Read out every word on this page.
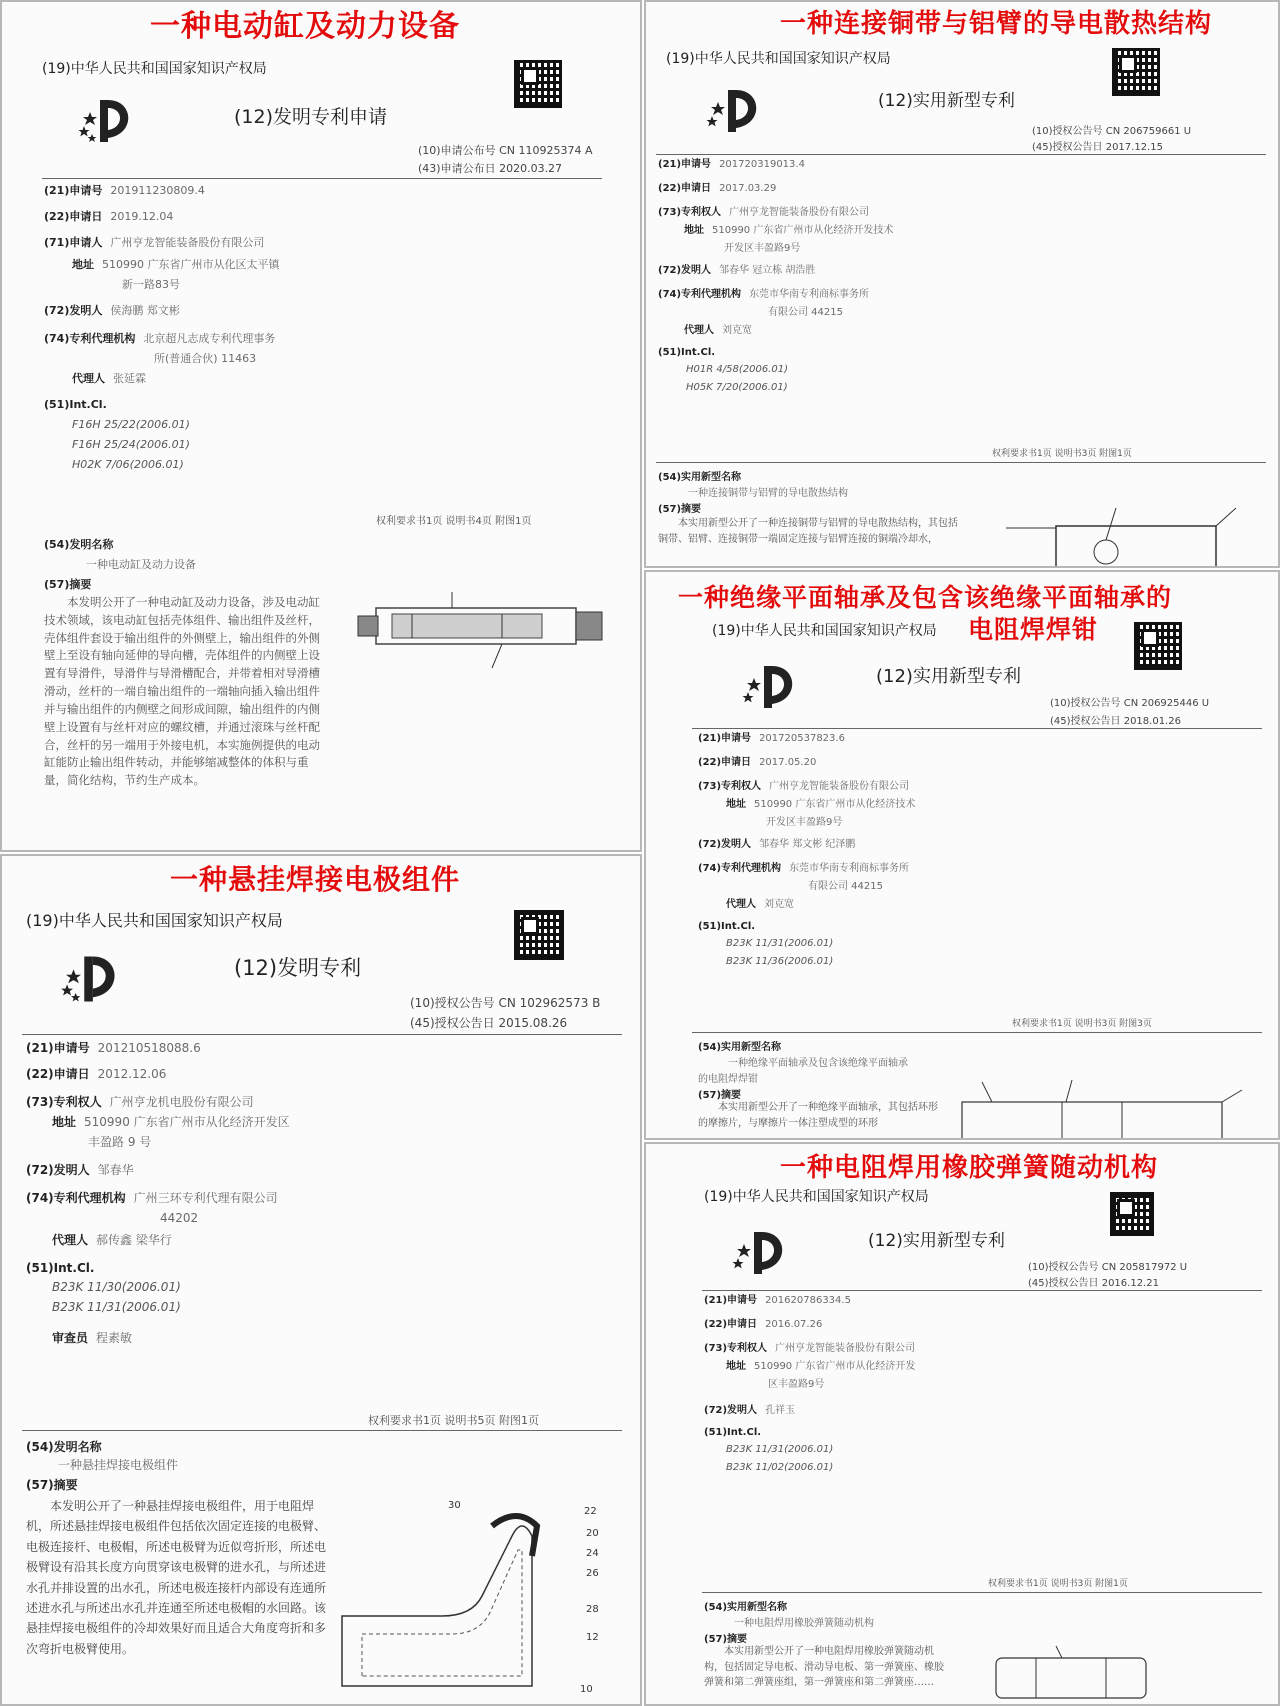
一种电动缸及动力设备
(19)中华人民共和国国家知识产权局
(12)发明专利申请
(10)申请公布号 CN 110925374 A
(43)申请公布日 2020.03.27
(21)申请号 201911230809.4
(22)申请日 2019.12.04
(71)申请人 广州亨龙智能装备股份有限公司
地址 510990 广东省广州市从化区太平镇
新一路83号
(72)发明人 侯海鹏 郑文彬
(74)专利代理机构 北京超凡志成专利代理事务
所(普通合伙) 11463
代理人 张延霖
(51)Int.Cl.
F16H 25/22(2006.01)
F16H 25/24(2006.01)
H02K 7/06(2006.01)
权利要求书1页 说明书4页 附图1页
(54)发明名称
一种电动缸及动力设备
(57)摘要
本发明公开了一种电动缸及动力设备，涉及电动缸技术领域，该电动缸包括壳体组件、输出组件及丝杆，壳体组件套设于输出组件的外侧壁上，输出组件的外侧壁上至设有轴向延伸的导向槽，壳体组件的内侧壁上设置有导滑件，导滑件与导滑槽配合，并带着相对导滑槽滑动，丝杆的一端自输出组件的一端轴向插入输出组件并与输出组件的内侧壁之间形成间隙，输出组件的内侧壁上设置有与丝杆对应的螺纹槽，并通过滚珠与丝杆配合，丝杆的另一端用于外接电机，本实施例提供的电动缸能防止输出组件转动，并能够缩减整体的体积与重量，简化结构，节约生产成本。
一种连接铜带与铝臂的导电散热结构
(19)中华人民共和国国家知识产权局
(12)实用新型专利
(10)授权公告号 CN 206759661 U
(45)授权公告日 2017.12.15
(21)申请号 201720319013.4
(22)申请日 2017.03.29
(73)专利权人 广州亨龙智能装备股份有限公司
地址 510990 广东省广州市从化经济开发技术
开发区丰盈路9号
(72)发明人 邹春华 冠立栋 胡浩胜
(74)专利代理机构 东莞市华南专利商标事务所
有限公司 44215
代理人 刘克宽
(51)Int.Cl.
H01R 4/58(2006.01)
H05K 7/20(2006.01)
权利要求书1页 说明书3页 附图1页
(54)实用新型名称
一种连接铜带与铝臂的导电散热结构
(57)摘要
本实用新型公开了一种连接铜带与铝臂的导电散热结构，其包括铜带、铝臂、连接铜带一端固定连接与铝臂连接的铜端冷却水，
一种绝缘平面轴承及包含该绝缘平面轴承的
(19)中华人民共和国国家知识产权局 电阻焊焊钳
(12)实用新型专利
(10)授权公告号 CN 206925446 U
(45)授权公告日 2018.01.26
(21)申请号 201720537823.6
(22)申请日 2017.05.20
(73)专利权人 广州亨龙智能装备股份有限公司
地址 510990 广东省广州市从化经济技术
开发区丰盈路9号
(72)发明人 邹春华 郑文彬 纪泽鹏
(74)专利代理机构 东莞市华南专利商标事务所
有限公司 44215
代理人 刘克宽
(51)Int.Cl.
B23K 11/31(2006.01)
B23K 11/36(2006.01)
权利要求书1页 说明书3页 附图3页
(54)实用新型名称
一种绝缘平面轴承及包含该绝缘平面轴承
的电阻焊焊钳
(57)摘要
本实用新型公开了一种绝缘平面轴承，其包括环形的摩擦片，与摩擦片一体注塑成型的环形
一种悬挂焊接电极组件
(19)中华人民共和国国家知识产权局
(12)发明专利
(10)授权公告号 CN 102962573 B
(45)授权公告日 2015.08.26
(21)申请号 201210518088.6
(22)申请日 2012.12.06
(73)专利权人 广州亨龙机电股份有限公司
地址 510990 广东省广州市从化经济开发区
丰盈路 9 号
(72)发明人 邹春华
(74)专利代理机构 广州三环专利代理有限公司
44202
代理人 郝传鑫 梁华行
(51)Int.Cl.
B23K 11/30(2006.01)
B23K 11/31(2006.01)
审查员 程素敏
权利要求书1页 说明书5页 附图1页
(54)发明名称
一种悬挂焊接电极组件
(57)摘要
本发明公开了一种悬挂焊接电极组件，用于电阻焊机，所述悬挂焊接电极组件包括依次固定连接的电极臂、电极连接杆、电极帽，所述电极臂为近似弯折形，所述电极臂设有沿其长度方向贯穿该电极臂的进水孔，与所述进水孔并排设置的出水孔，所述电极连接杆内部设有连通所述进水孔与所述出水孔并连通至所述电极帽的水回路。该悬挂焊接电极组件的冷却效果好而且适合大角度弯折和多次弯折电极臂使用。
30
22
20
24
26
28
12
10
一种电阻焊用橡胶弹簧随动机构
(19)中华人民共和国国家知识产权局
(12)实用新型专利
(10)授权公告号 CN 205817972 U
(45)授权公告日 2016.12.21
(21)申请号 201620786334.5
(22)申请日 2016.07.26
(73)专利权人 广州亨龙智能装备股份有限公司
地址 510990 广东省广州市从化经济开发
区丰盈路9号
(72)发明人 孔祥玉
(51)Int.Cl.
B23K 11/31(2006.01)
B23K 11/02(2006.01)
权利要求书1页 说明书3页 附图1页
(54)实用新型名称
一种电阻焊用橡胶弹簧随动机构
(57)摘要
本实用新型公开了一种电阻焊用橡胶弹簧随动机构，包括固定导电板、滑动导电板、第一弹簧座、橡胶弹簧和第二弹簧座组，第一弹簧座和第二弹簧座……
